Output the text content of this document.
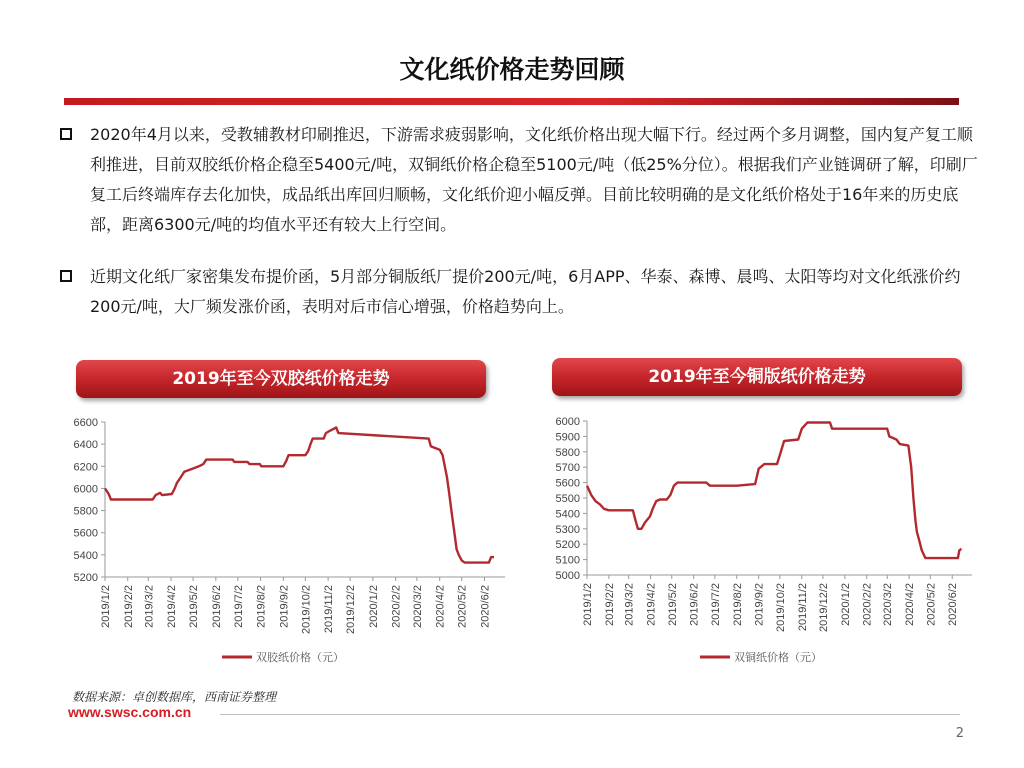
文化纸价格走势回顾
2020年4月以来，受教辅教材印刷推迟，下游需求疲弱影响，文化纸价格出现大幅下行。经过两个多月调整，国内复产复工顺利推进，目前双胶纸价格企稳至5400元/吨，双铜纸价格企稳至5100元/吨（低25%分位）。根据我们产业链调研了解，印刷厂复工后终端库存去化加快，成品纸出库回归顺畅，文化纸价迎小幅反弹。目前比较明确的是文化纸价格处于16年来的历史底部，距离6300元/吨的均值水平还有较大上行空间。
近期文化纸厂家密集发布提价函，5月部分铜版纸厂提价200元/吨，6月APP、华泰、森博、晨鸣、太阳等均对文化纸涨价约200元/吨，大厂频发涨价函，表明对后市信心增强，价格趋势向上。
2019年至今双胶纸价格走势	2019年至今铜版纸价格走势
5200
5400
5600
5800
6000
6200
6400
6600
2019/1/2 2019/2/2 2019/3/2 2019/4/2 2019/5/2 2019/6/2 2019/7/2 2019/8/2 2019/9/2 2019/10/2 2019/11/2 2019/12/2 2020/1/2 2020/2/2 2020/3/2 2020/4/2 2020/5/2 2020/6/2
双胶纸价格（元）
5000
5100
5200
5300
5400
5500
5600
5700
5800
5900
6000
2019/1/2 2019/2/2 2019/3/2 2019/4/2 2019/5/2 2019/6/2 2019/7/2 2019/8/2 2019/9/2 2019/10/2 2019/11/2 2019/12/2 2020/1/2 2020/2/2 2020/3/2 2020/4/2 2020/5/2 2020/6/2
双铜纸价格（元）
数据来源：卓创数据库，西南证券整理
www.swsc.com.cn
2
